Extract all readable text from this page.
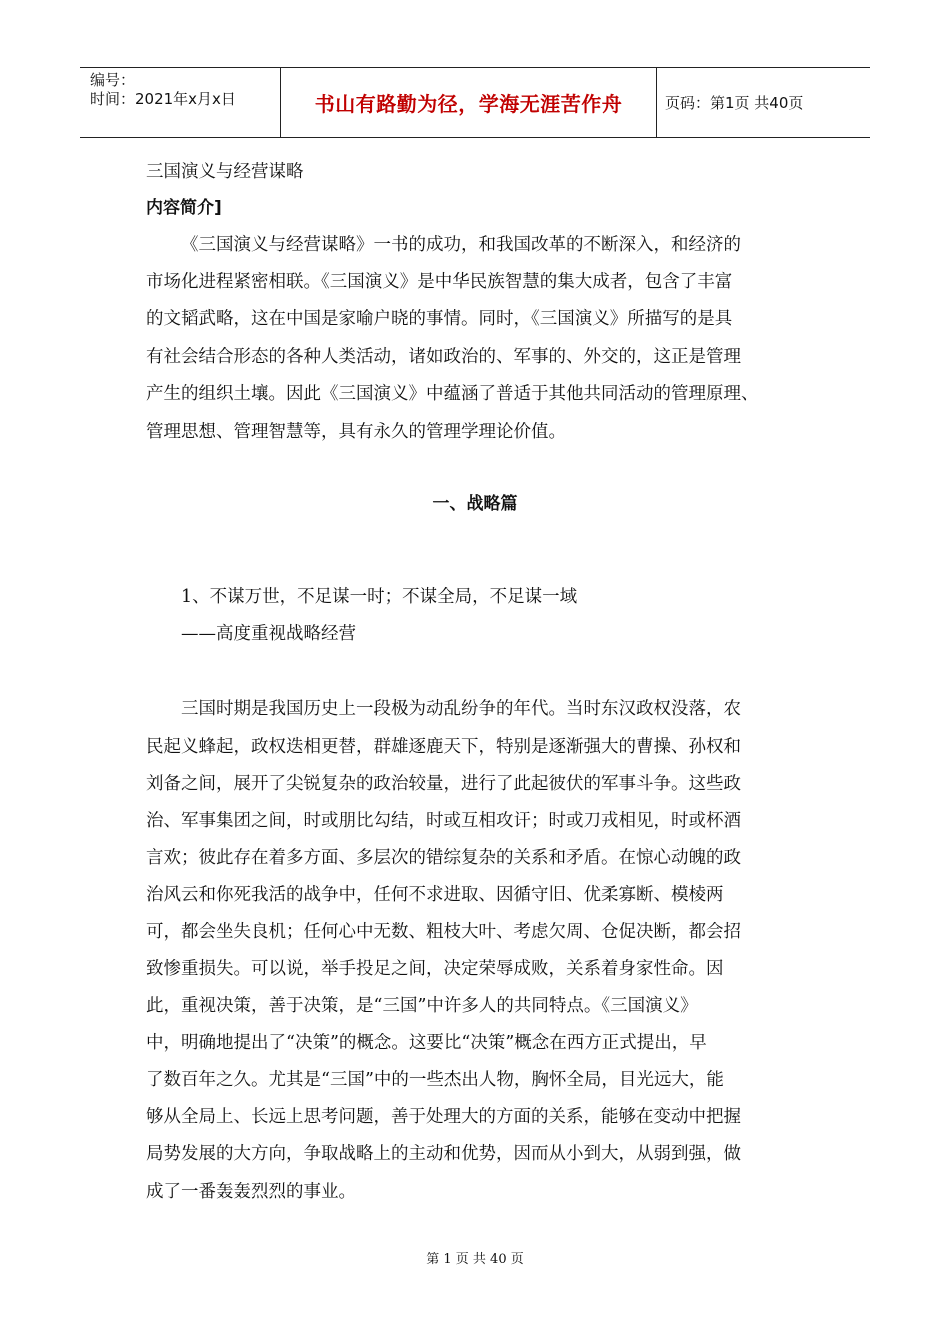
编号：
时间：2021年x月x日	书山有路勤为径，学海无涯苦作舟	页码：第1页 共40页
三国演义与经营谋略
内容简介]
《三国演义与经营谋略》一书的成功，和我国改革的不断深入，和经济的
市场化进程紧密相联。《三国演义》是中华民族智慧的集大成者，包含了丰富
的文韬武略，这在中国是家喻户晓的事情。同时，《三国演义》所描写的是具
有社会结合形态的各种人类活动，诸如政治的、军事的、外交的，这正是管理
产生的组织土壤。因此《三国演义》中蕴涵了普适于其他共同活动的管理原理、
管理思想、管理智慧等，具有永久的管理学理论价值。
一、战略篇
1、不谋万世，不足谋一时；不谋全局，不足谋一域
——高度重视战略经营
三国时期是我国历史上一段极为动乱纷争的年代。当时东汉政权没落，农
民起义蜂起，政权迭相更替，群雄逐鹿天下，特别是逐渐强大的曹操、孙权和
刘备之间，展开了尖锐复杂的政治较量，进行了此起彼伏的军事斗争。这些政
治、军事集团之间，时或朋比勾结，时或互相攻讦；时或刀戎相见，时或杯酒
言欢；彼此存在着多方面、多层次的错综复杂的关系和矛盾。在惊心动魄的政
治风云和你死我活的战争中，任何不求进取、因循守旧、优柔寡断、模棱两
可，都会坐失良机；任何心中无数、粗枝大叶、考虑欠周、仓促决断，都会招
致惨重损失。可以说，举手投足之间，决定荣辱成败，关系着身家性命。因
此，重视决策，善于决策，是“三国”中许多人的共同特点。《三国演义》
中，明确地提出了“决策”的概念。这要比“决策”概念在西方正式提出，早
了数百年之久。尤其是“三国”中的一些杰出人物，胸怀全局，目光远大，能
够从全局上、长远上思考问题，善于处理大的方面的关系，能够在变动中把握
局势发展的大方向，争取战略上的主动和优势，因而从小到大，从弱到强，做
成了一番轰轰烈烈的事业。
第 1 页 共 40 页
